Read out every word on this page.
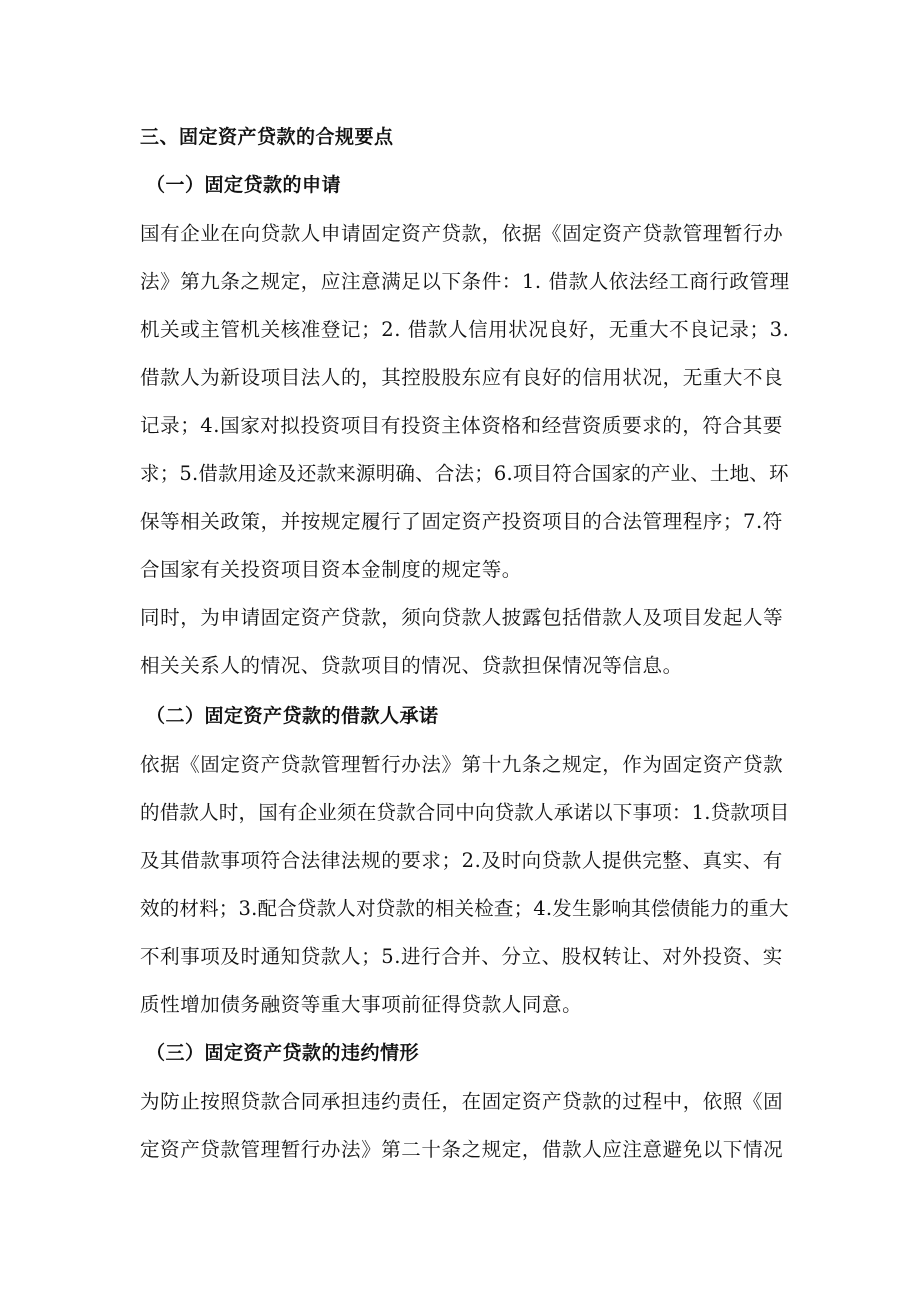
三、固定资产贷款的合规要点
（一）固定贷款的申请
国有企业在向贷款人申请固定资产贷款，依据《固定资产贷款管理暂行办
法》第九条之规定，应注意满足以下条件：1. 借款人依法经工商行政管理
机关或主管机关核准登记；2. 借款人信用状况良好，无重大不良记录；3.
借款人为新设项目法人的，其控股股东应有良好的信用状况，无重大不良
记录；4.国家对拟投资项目有投资主体资格和经营资质要求的，符合其要
求；5.借款用途及还款来源明确、合法；6.项目符合国家的产业、土地、环
保等相关政策，并按规定履行了固定资产投资项目的合法管理程序；7.符
合国家有关投资项目资本金制度的规定等。
同时，为申请固定资产贷款，须向贷款人披露包括借款人及项目发起人等
相关关系人的情况、贷款项目的情况、贷款担保情况等信息。
（二）固定资产贷款的借款人承诺
依据《固定资产贷款管理暂行办法》第十九条之规定，作为固定资产贷款
的借款人时，国有企业须在贷款合同中向贷款人承诺以下事项：1.贷款项目
及其借款事项符合法律法规的要求；2.及时向贷款人提供完整、真实、有
效的材料；3.配合贷款人对贷款的相关检查；4.发生影响其偿债能力的重大
不利事项及时通知贷款人；5.进行合并、分立、股权转让、对外投资、实
质性增加债务融资等重大事项前征得贷款人同意。
（三）固定资产贷款的违约情形
为防止按照贷款合同承担违约责任，在固定资产贷款的过程中，依照《固
定资产贷款管理暂行办法》第二十条之规定，借款人应注意避免以下情况
